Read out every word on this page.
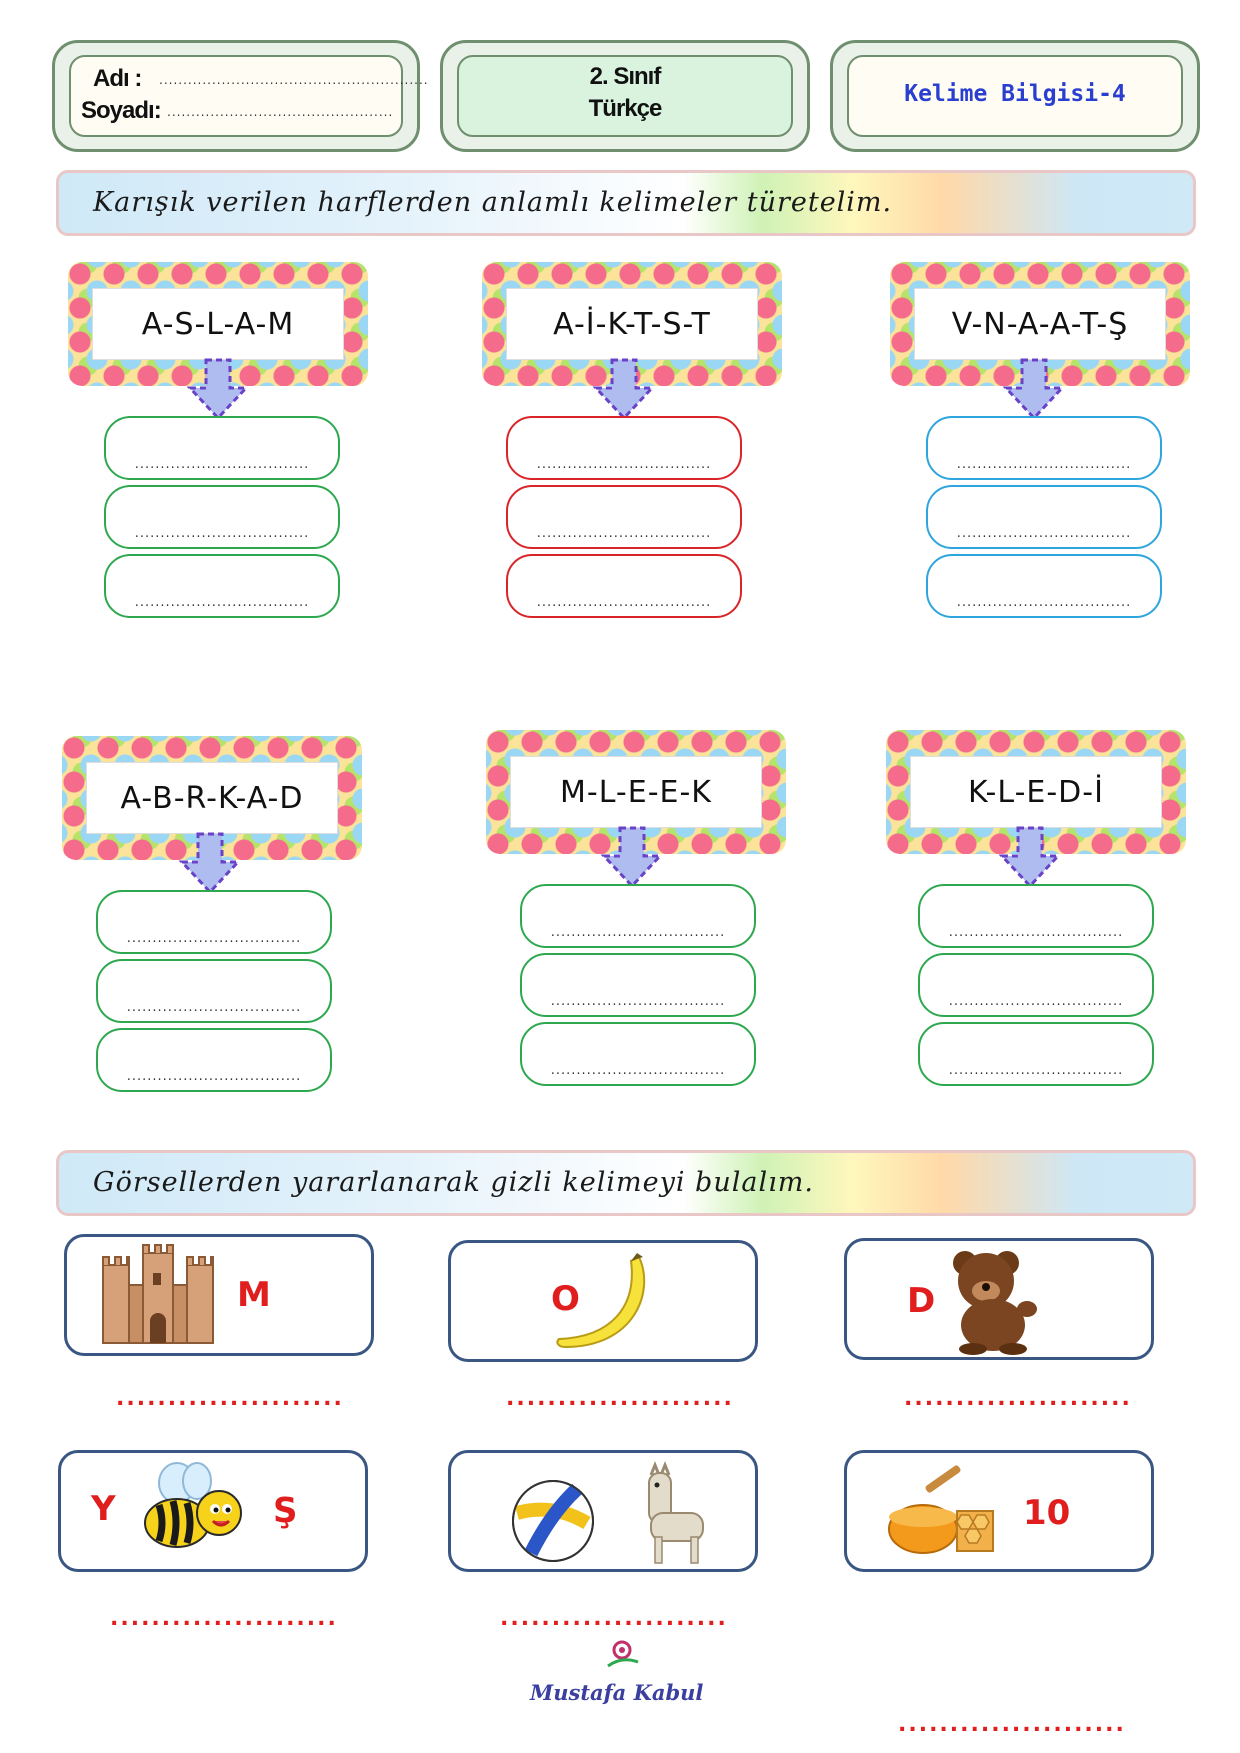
Adı : ........................................................
Soyadı: ...............................................
2. Sınıf
Türkçe
Kelime Bilgisi-4
Karışık verilen harflerden anlamlı kelimeler türetelim.
A-S-L-A-M
..................................
..................................
..................................
A-İ-K-T-S-T
..................................
..................................
..................................
V-N-A-A-T-Ş
..................................
..................................
..................................
A-B-R-K-A-D
..................................
..................................
..................................
M-L-E-E-K
..................................
..................................
..................................
K-L-E-D-İ
..................................
..................................
..................................
Görsellerden yararlanarak gizli kelimeyi bulalım.
M	O	D
......................	......................	......................
Y	Ş	10
......................	......................
......................
Mustafa Kabul
